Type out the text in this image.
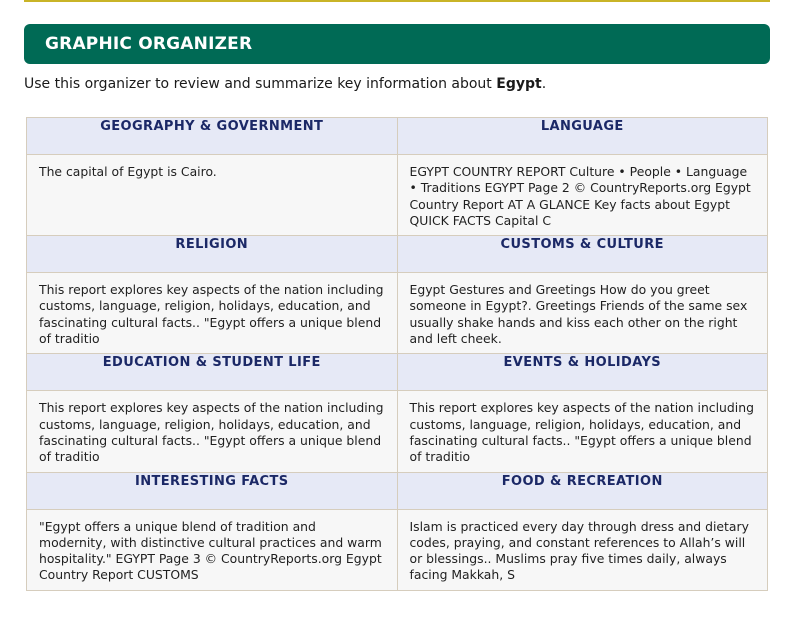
GRAPHIC ORGANIZER
Use this organizer to review and summarize key information about Egypt.
GEOGRAPHY & GOVERNMENT	LANGUAGE
The capital of Egypt is Cairo.	EGYPT COUNTRY REPORT Culture • People • Language • Traditions EGYPT Page 2 © CountryReports.org Egypt Country Report AT A GLANCE Key facts about Egypt QUICK FACTS Capital C
RELIGION	CUSTOMS & CULTURE
This report explores key aspects of the nation including customs, language, religion, holidays, education, and fascinating cultural facts.. "Egypt offers a unique blend of traditio	Egypt Gestures and Greetings How do you greet someone in Egypt?. Greetings Friends of the same sex usually shake hands and kiss each other on the right and left cheek.
EDUCATION & STUDENT LIFE	EVENTS & HOLIDAYS
This report explores key aspects of the nation including customs, language, religion, holidays, education, and fascinating cultural facts.. "Egypt offers a unique blend of traditio	This report explores key aspects of the nation including customs, language, religion, holidays, education, and fascinating cultural facts.. "Egypt offers a unique blend of traditio
INTERESTING FACTS	FOOD & RECREATION
"Egypt offers a unique blend of tradition and modernity, with distinctive cultural practices and warm hospitality." EGYPT Page 3 © CountryReports.org Egypt Country Report CUSTOMS	Islam is practiced every day through dress and dietary codes, praying, and constant references to Allah’s will or blessings.. Muslims pray five times daily, always facing Makkah, S
